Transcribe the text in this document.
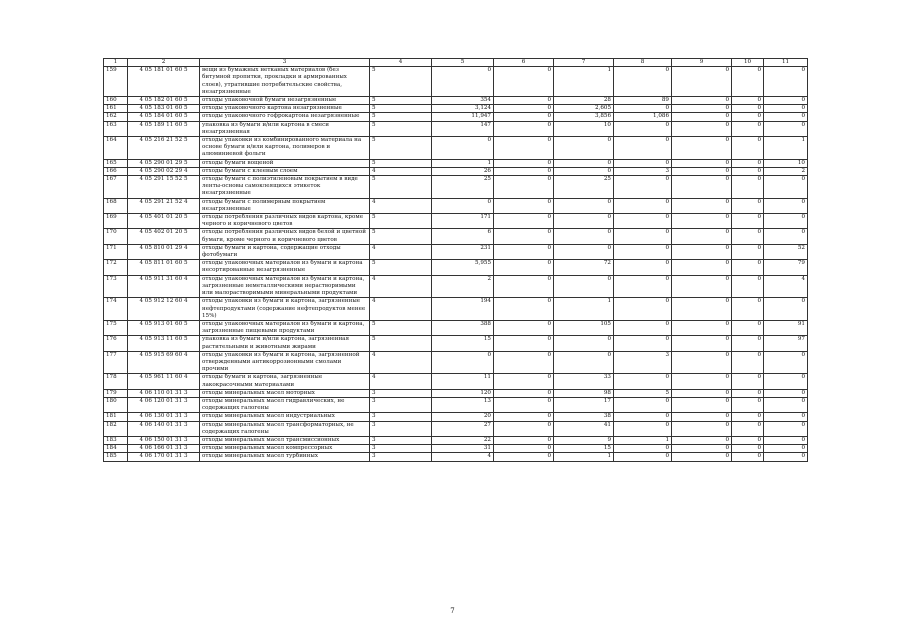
1	2	3	4	5	6	7	8	9	10	11
159	4 05 181 01 60 5	вещи из бумажных нетканых материалов (без битумной пропитки, прокладки и армированных слоев), утратившие потребительские свойства, незагрязненные	5	0	0	1	0	0	0	0
160	4 05 182 01 60 5	отходы упаковочной бумаги незагрязненные	5	354	0	28	89	0	0	0
161	4 05 183 01 60 5	отходы упаковочного картона незагрязненные	5	3,124	0	2,605	0	0	0	0
162	4 05 184 01 60 5	отходы упаковочного гофрокартона незагрязненные	5	11,947	0	3,856	1,086	0	0	0
163	4 05 189 11 60 5	упаковка из бумаги и/или картона в смеси незагрязненная	5	147	0	10	0	0	0	0
164	4 05 216 21 52 5	отходы упаковки из комбинированного материала на основе бумаги и/или картона, полимеров и алюминиевой фольги	5	0	0	0	0	0	0	1
165	4 05 290 01 29 5	отходы бумаги вощеной	5	1	0	0	0	0	0	10
166	4 05 290 02 29 4	отходы бумаги с клеевым слоем	4	26	0	0	3	0	0	2
167	4 05 291 15 52 5	отходы бумаги с полиэтиленовым покрытием в виде ленты-основы самоклеящихся этикеток незагрязненные	5	25	0	25	0	0	0	0
168	4 05 291 21 52 4	отходы бумаги с полимерным покрытием незагрязненные	4	0	0	0	0	0	0	0
169	4 05 401 01 20 5	отходы потребления различных видов картона, кроме черного и коричневого цветов	5	171	0	0	0	0	0	0
170	4 05 402 01 20 5	отходы потребления различных видов белой и цветной бумаги, кроме черного и коричневого цветов	5	6	0	0	0	0	0	0
171	4 05 810 01 29 4	отходы бумаги и картона, содержащие отходы фотобумаги	4	231	0	0	0	0	0	52
172	4 05 811 01 60 5	отходы упаковочных материалов из бумаги и картона несортированные незагрязненные	5	5,955	0	72	0	0	0	79
173	4 05 911 31 60 4	отходы упаковочных материалов из бумаги и картона, загрязненные неметаллическими нерастворимыми или малорастворимыми минеральными продуктами	4	2	0	0	0	0	0	4
174	4 05 912 12 60 4	отходы упаковки из бумаги и картона, загрязненные нефтепродуктами (содержание нефтепродуктов менее 15%)	4	194	0	1	0	0	0	0
175	4 05 913 01 60 5	отходы упаковочных материалов из бумаги и картона, загрязненные пищевыми продуктами	5	388	0	105	0	0	0	91
176	4 05 913 11 60 5	упаковка из бумаги и/или картона, загрязненная растительными и животными жирами	5	15	0	0	0	0	0	97
177	4 05 915 69 60 4	отходы упаковки из бумаги и картона, загрязненной отвержденными антикоррозионными смолами прочими	4	0	0	0	3	0	0	0
178	4 05 961 11 60 4	отходы бумаги и картона, загрязненные лакокрасочными материалами	4	11	0	33	0	0	0	0
179	4 06 110 01 31 3	отходы минеральных масел моторных	3	120	0	98	5	0	0	0
180	4 06 120 01 31 3	отходы минеральных масел гидравлических, не содержащих галогены	3	13	0	17	0	0	0	0
181	4 06 130 01 31 3	отходы минеральных масел индустриальных	3	20	0	38	0	0	0	0
182	4 06 140 01 31 3	отходы минеральных масел трансформаторных, не содержащих галогены	3	27	0	41	0	0	0	0
183	4 06 150 01 31 3	отходы минеральных масел трансмиссионных	3	22	0	9	1	0	0	0
184	4 06 166 01 31 3	отходы минеральных масел компрессорных	3	31	0	15	0	0	0	0
185	4 06 170 01 31 3	отходы минеральных масел турбинных	3	4	0	1	0	0	0	0
7
